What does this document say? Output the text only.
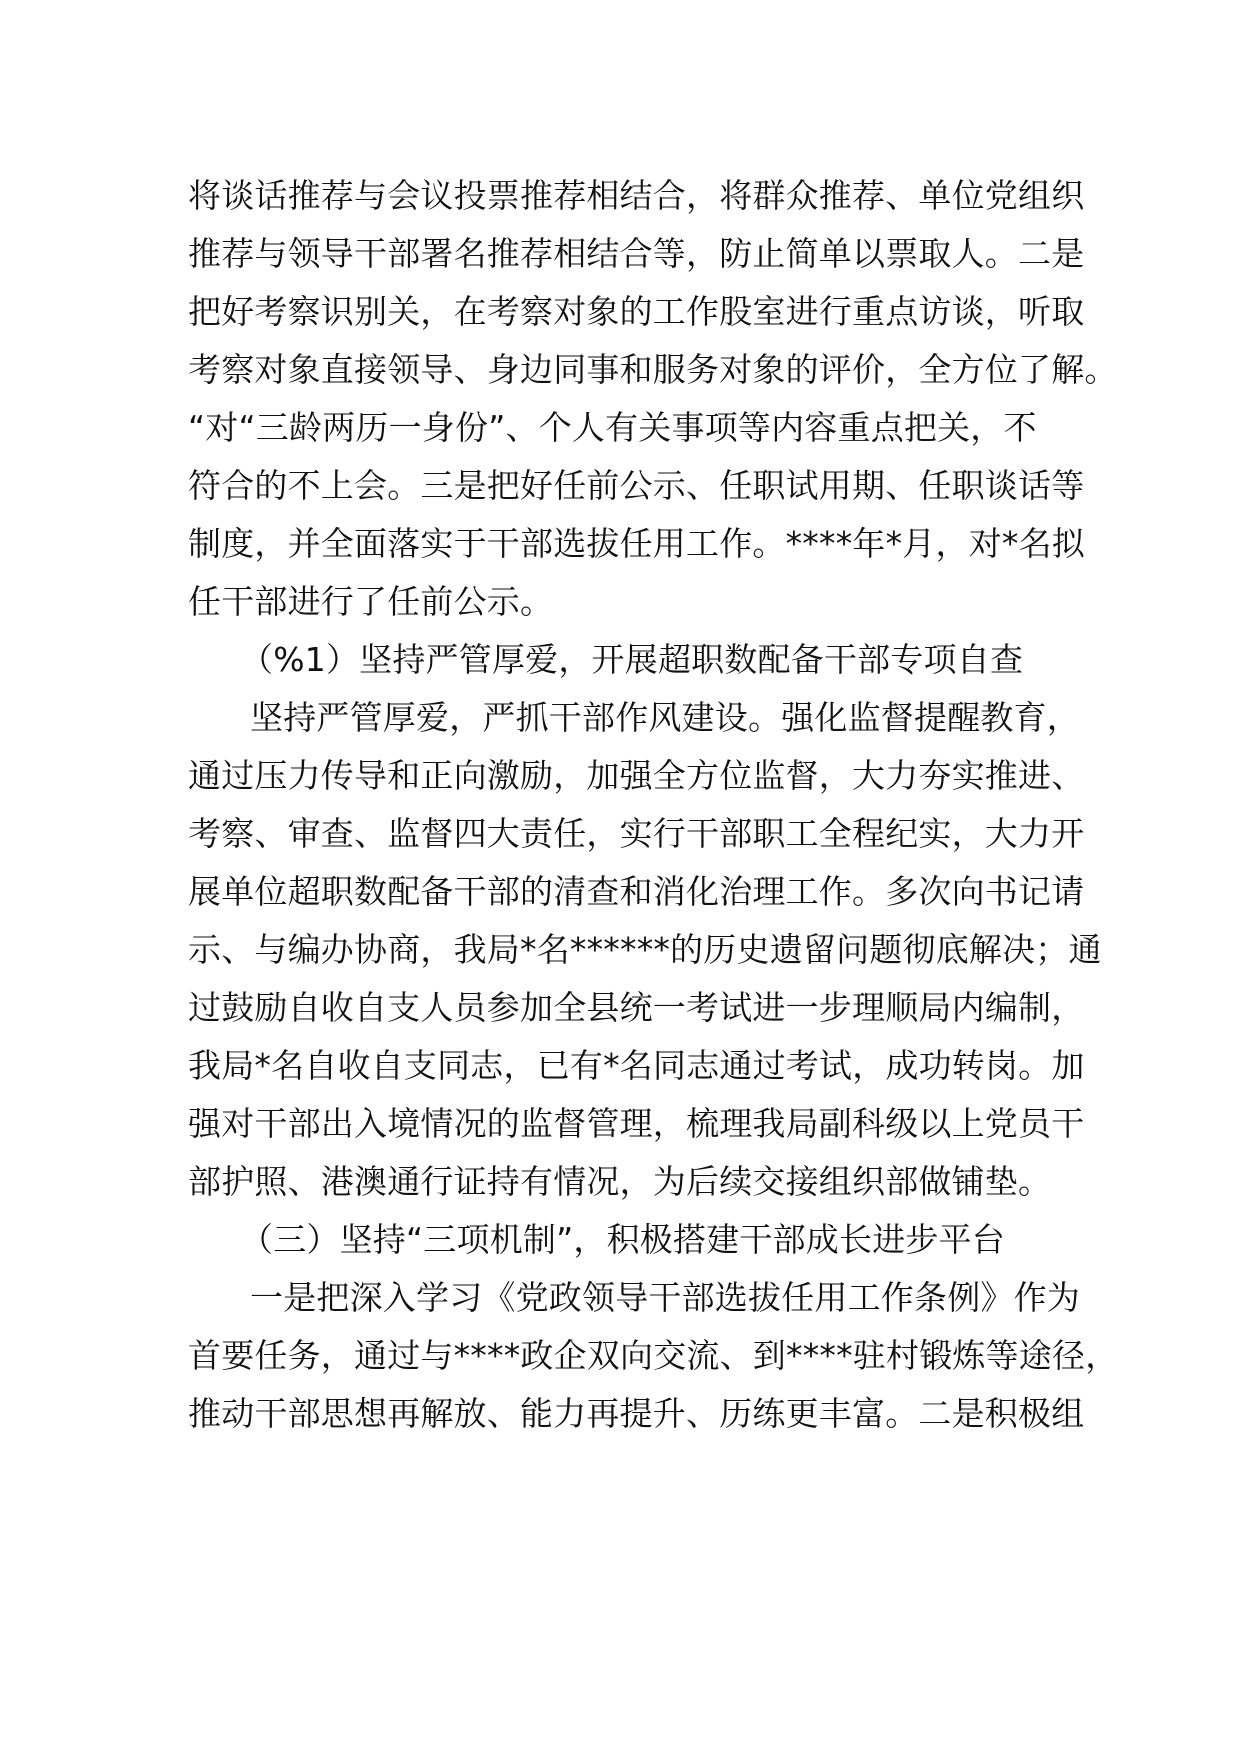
将谈话推荐与会议投票推荐相结合，将群众推荐、单位党组织
推荐与领导干部署名推荐相结合等，防止简单以票取人。二是
把好考察识别关，在考察对象的工作股室进行重点访谈，听取
考察对象直接领导、身边同事和服务对象的评价，全方位了解。
“对“三龄两历一身份”、个人有关事项等内容重点把关，不
符合的不上会。三是把好任前公示、任职试用期、任职谈话等
制度，并全面落实于干部选拔任用工作。****年*月，对*名拟
任干部进行了任前公示。
（%1）坚持严管厚爱，开展超职数配备干部专项自查
坚持严管厚爱，严抓干部作风建设。强化监督提醒教育，
通过压力传导和正向激励，加强全方位监督，大力夯实推进、
考察、审查、监督四大责任，实行干部职工全程纪实，大力开
展单位超职数配备干部的清查和消化治理工作。多次向书记请
示、与编办协商，我局*名******的历史遗留问题彻底解决；通
过鼓励自收自支人员参加全县统一考试进一步理顺局内编制，
我局*名自收自支同志，已有*名同志通过考试，成功转岗。加
强对干部出入境情况的监督管理，梳理我局副科级以上党员干
部护照、港澳通行证持有情况，为后续交接组织部做铺垫。
（三）坚持“三项机制”，积极搭建干部成长进步平台
一是把深入学习《党政领导干部选拔任用工作条例》作为
首要任务，通过与****政企双向交流、到****驻村锻炼等途径，
推动干部思想再解放、能力再提升、历练更丰富。二是积极组
